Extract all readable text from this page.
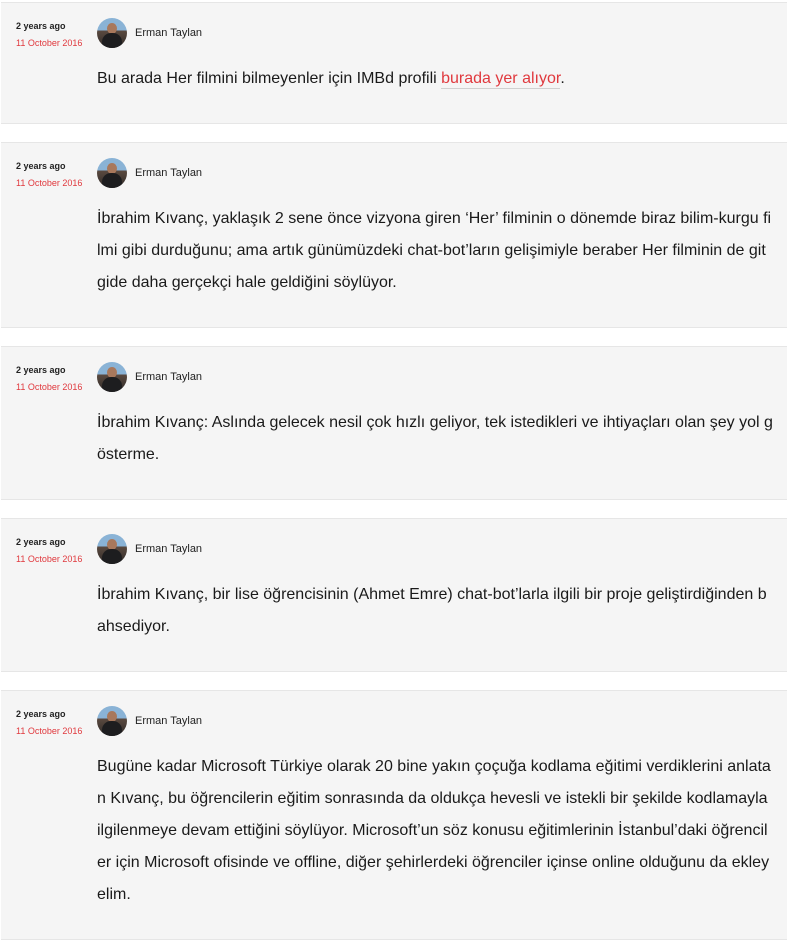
2 years ago
11 October 2016
Erman Taylan

Bu arada Her filmini bilmeyenler için IMBd profili burada yer alıyor.

2 years ago
11 October 2016
Erman Taylan

İbrahim Kıvanç, yaklaşık 2 sene önce vizyona giren ‘Her’ filminin o dönemde biraz bilim-kurgu filmi gibi durduğunu; ama artık günümüzdeki chat-bot’ların gelişimiyle beraber Her filminin de gitgide daha gerçekçi hale geldiğini söylüyor.

2 years ago
11 October 2016
Erman Taylan

İbrahim Kıvanç: Aslında gelecek nesil çok hızlı geliyor, tek istedikleri ve ihtiyaçları olan şey yol gösterme.

2 years ago
11 October 2016
Erman Taylan

İbrahim Kıvanç, bir lise öğrencisinin (Ahmet Emre) chat-bot’larla ilgili bir proje geliştirdiğinden bahsediyor.

2 years ago
11 October 2016
Erman Taylan

Bugüne kadar Microsoft Türkiye olarak 20 bine yakın çoçuğa kodlama eğitimi verdiklerini anlatan Kıvanç, bu öğrencilerin eğitim sonrasında da oldukça hevesli ve istekli bir şekilde kodlamayla ilgilenmeye devam ettiğini söylüyor. Microsoft’un söz konusu eğitimlerinin İstanbul’daki öğrenciler için Microsoft ofisinde ve offline, diğer şehirlerdeki öğrenciler içinse online olduğunu da ekleyelim.
